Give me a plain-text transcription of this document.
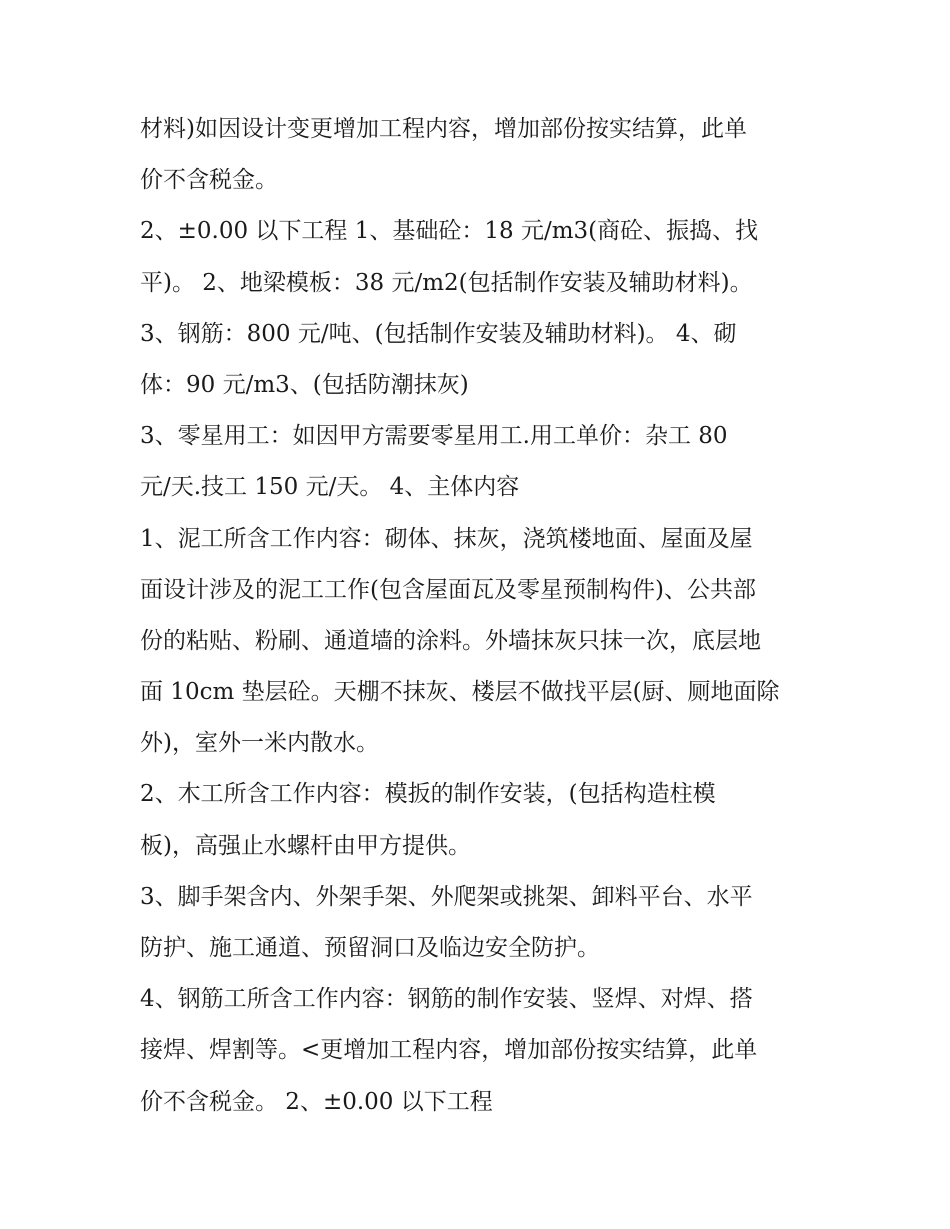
材料)如因设计变更增加工程内容，增加部份按实结算，此单

价不含税金。

2、±0.00 以下工程 1、基础砼：18 元/m3(商砼、振捣、找

平)。 2、地梁模板：38 元/m2(包括制作安装及辅助材料)。

3、钢筋：800 元/吨、(包括制作安装及辅助材料)。 4、砌

体：90 元/m3、(包括防潮抹灰)

3、零星用工：如因甲方需要零星用工.用工单价：杂工 80

元/天.技工 150 元/天。 4、主体内容

1、泥工所含工作内容：砌体、抹灰，浇筑楼地面、屋面及屋

面设计涉及的泥工工作(包含屋面瓦及零星预制构件)、公共部

份的粘贴、粉刷、通道墙的涂料。外墙抹灰只抹一次，底层地

面 10cm 垫层砼。天棚不抹灰、楼层不做找平层(厨、厕地面除

外)，室外一米内散水。

2、木工所含工作内容：模扳的制作安装，(包括构造柱模

板)，高强止水螺杆由甲方提供。

3、脚手架含内、外架手架、外爬架或挑架、卸料平台、水平

防护、施工通道、预留洞口及临边安全防护。

4、钢筋工所含工作内容：钢筋的制作安装、竖焊、对焊、搭

接焊、焊割等。<更增加工程内容，增加部份按实结算，此单

价不含税金。 2、±0.00 以下工程
